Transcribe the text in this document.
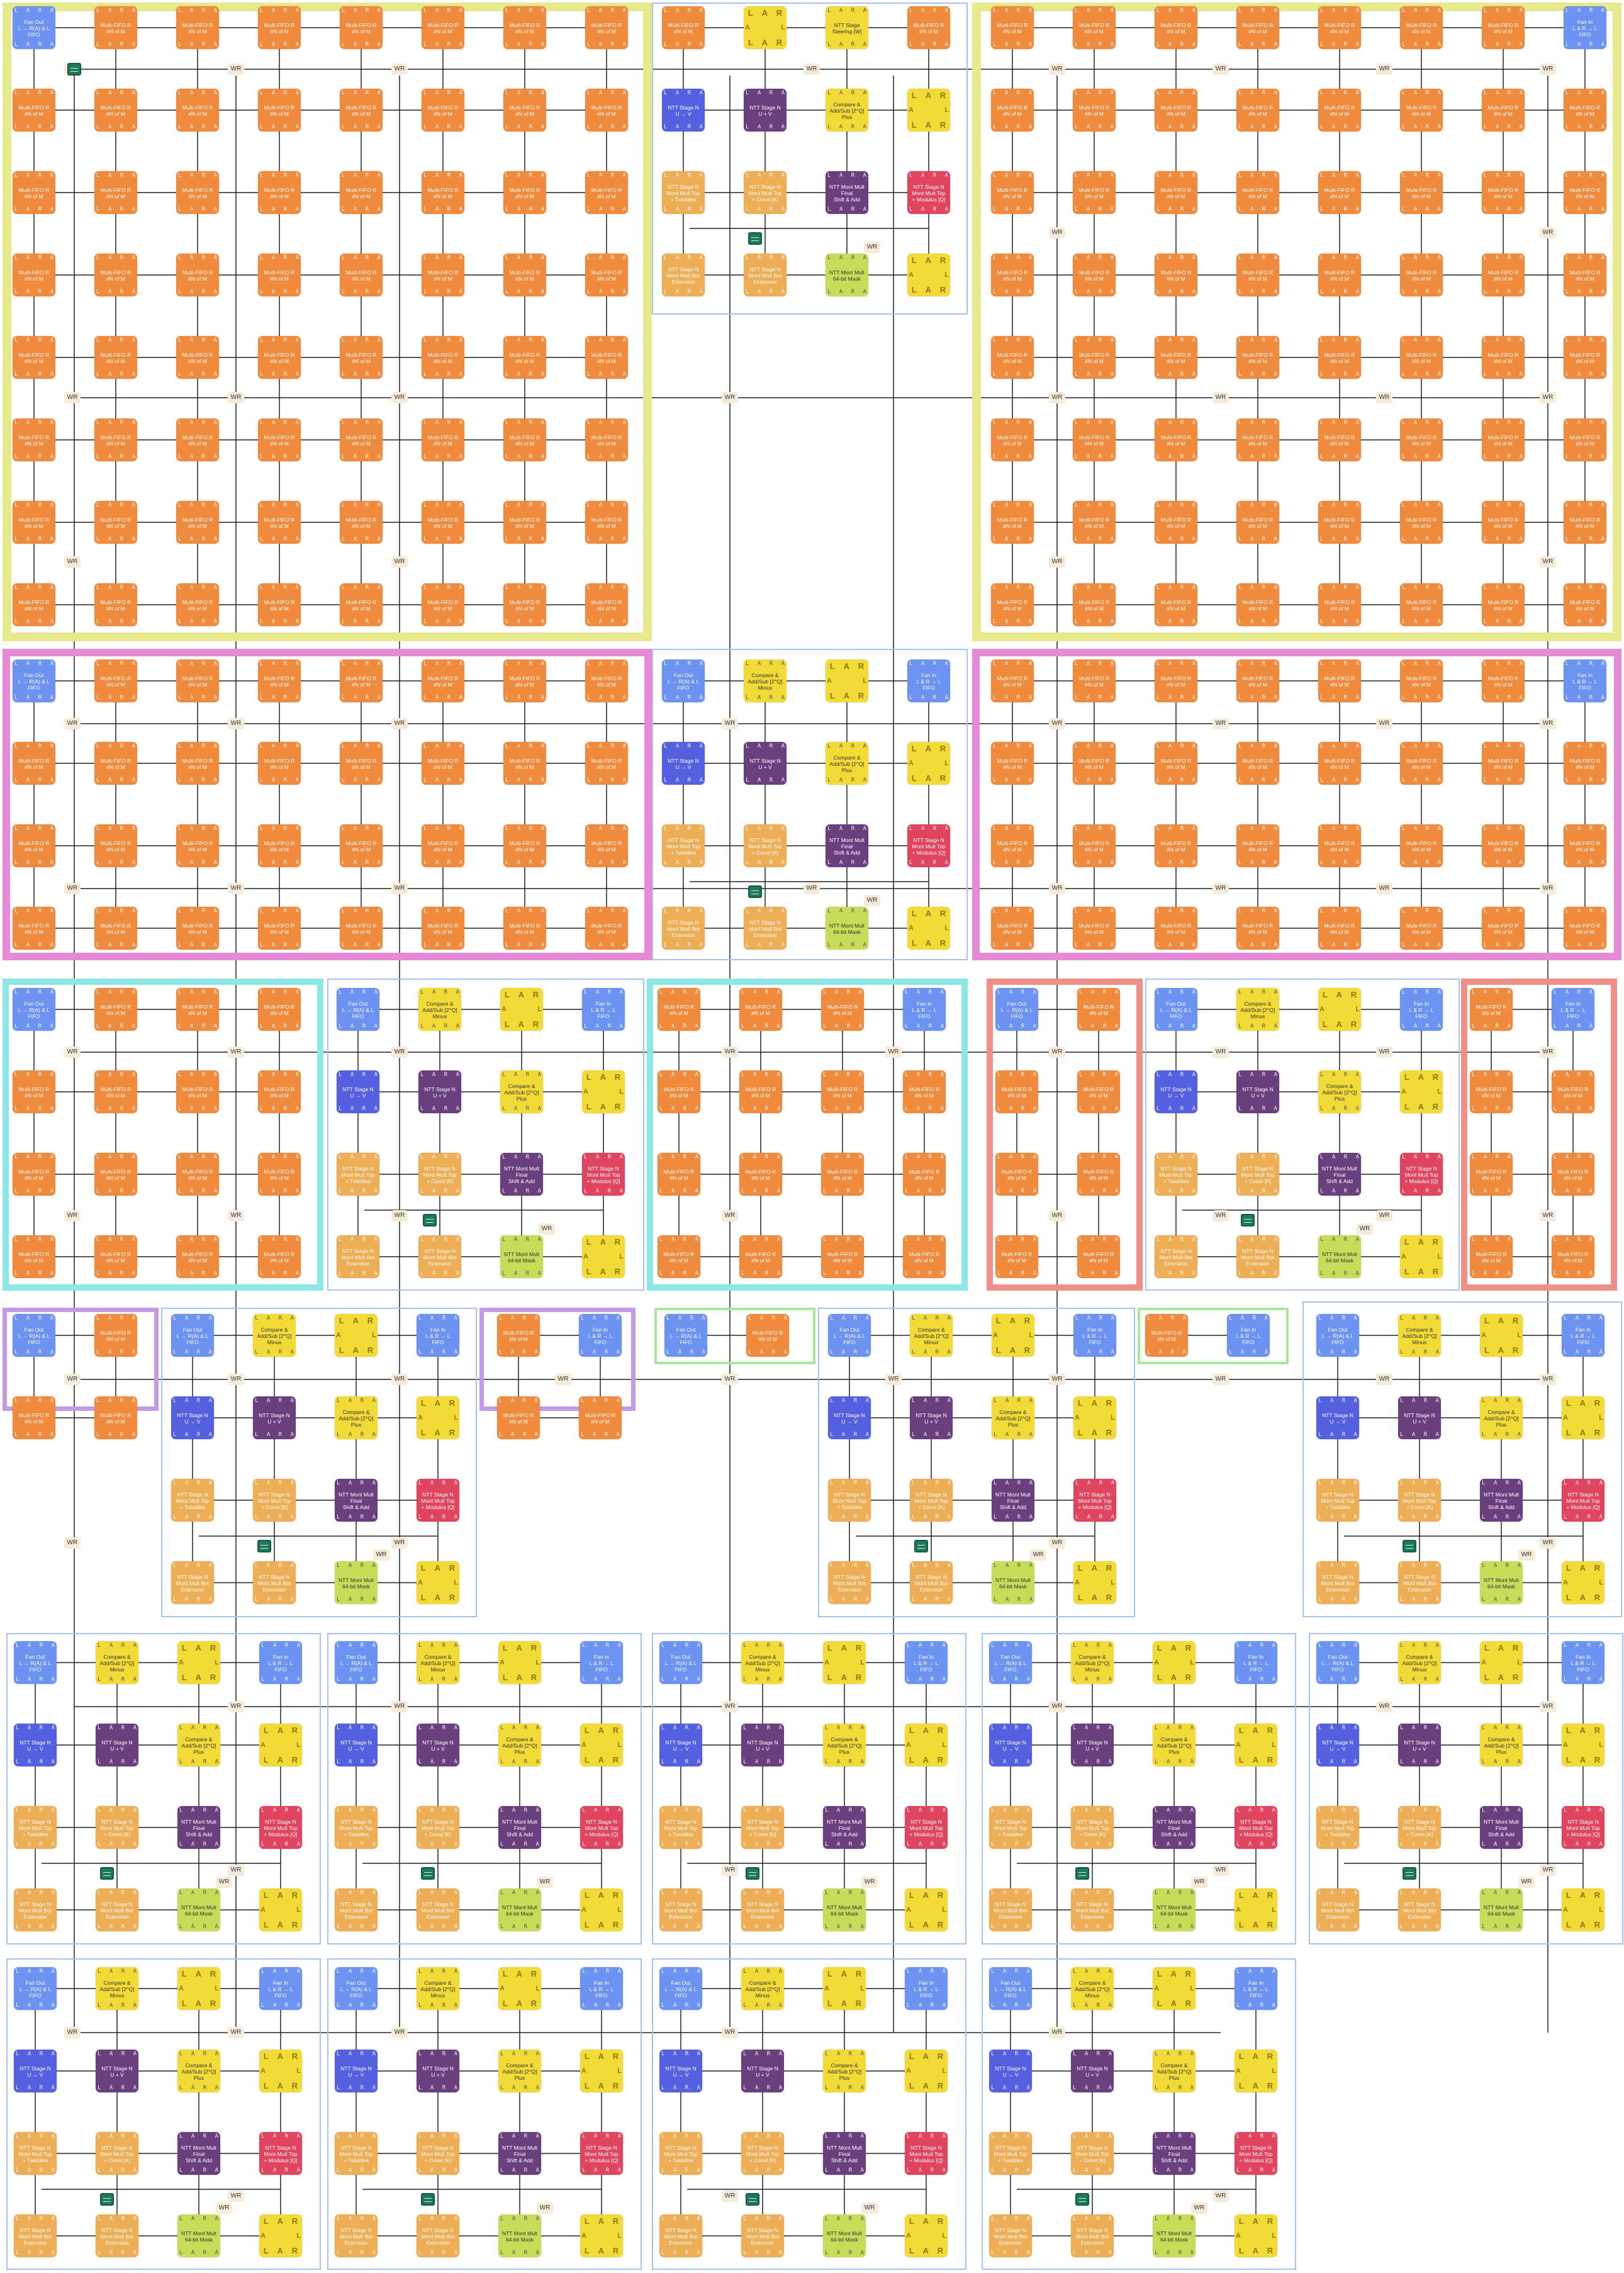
L A R A
L A R A
Fan Out
L → R(A) & L
FIFO
L A R A
L A R A
Multi-FIFO R
#N of M
L A R A
L A R A
Multi-FIFO R
#N of M
L A R A
L A R A
Multi-FIFO R
#N of M
L A R A
L A R A
Multi-FIFO R
#N of M
L A R A
L A R A
Multi-FIFO R
#N of M
L A R A
L A R A
Multi-FIFO R
#N of M
L A R A
L A R A
Multi-FIFO R
#N of M
L A R A
L A R A
Multi-FIFO R
#N of M
L A R A
L A R A
Multi-FIFO R
#N of M
L A R A
L A R A
Multi-FIFO R
#N of M
L A R A
L A R A
Multi-FIFO R
#N of M
L A R A
L A R A
Multi-FIFO R
#N of M
L A R A
L A R A
Multi-FIFO R
#N of M
L A R A
L A R A
Multi-FIFO R
#N of M
L A R A
L A R A
Multi-FIFO R
#N of M
L A R A
L A R A
Multi-FIFO R
#N of M
L A R A
L A R A
Multi-FIFO R
#N of M
L A R A
L A R A
Multi-FIFO R
#N of M
L A R A
L A R A
Multi-FIFO R
#N of M
L A R A
L A R A
Multi-FIFO R
#N of M
L A R A
L A R A
Multi-FIFO R
#N of M
L A R A
L A R A
Multi-FIFO R
#N of M
L A R A
L A R A
Multi-FIFO R
#N of M
L A R A
L A R A
Multi-FIFO R
#N of M
L A R A
L A R A
Multi-FIFO R
#N of M
L A R A
L A R A
Multi-FIFO R
#N of M
L A R A
L A R A
Multi-FIFO R
#N of M
L A R A
L A R A
Multi-FIFO R
#N of M
L A R A
L A R A
Multi-FIFO R
#N of M
L A R A
L A R A
Multi-FIFO R
#N of M
L A R A
L A R A
Multi-FIFO R
#N of M
L A R A
L A R A
Multi-FIFO R
#N of M
L A R A
L A R A
Multi-FIFO R
#N of M
L A R A
L A R A
Multi-FIFO R
#N of M
L A R A
L A R A
Multi-FIFO R
#N of M
L A R A
L A R A
Multi-FIFO R
#N of M
L A R A
L A R A
Multi-FIFO R
#N of M
L A R A
L A R A
Multi-FIFO R
#N of M
L A R A
L A R A
Multi-FIFO R
#N of M
L A R A
L A R A
Multi-FIFO R
#N of M
L A R A
L A R A
Multi-FIFO R
#N of M
L A R A
L A R A
Multi-FIFO R
#N of M
L A R A
L A R A
Multi-FIFO R
#N of M
L A R A
L A R A
Multi-FIFO R
#N of M
L A R A
L A R A
Multi-FIFO R
#N of M
L A R A
L A R A
Multi-FIFO R
#N of M
L A R A
L A R A
Multi-FIFO R
#N of M
L A R A
L A R A
Multi-FIFO R
#N of M
L A R A
L A R A
Multi-FIFO R
#N of M
L A R A
L A R A
Multi-FIFO R
#N of M
L A R A
L A R A
Multi-FIFO R
#N of M
L A R A
L A R A
Multi-FIFO R
#N of M
L A R A
L A R A
Multi-FIFO R
#N of M
L A R A
L A R A
Multi-FIFO R
#N of M
L A R A
L A R A
Multi-FIFO R
#N of M
L A R A
L A R A
Multi-FIFO R
#N of M
L A R A
L A R A
Multi-FIFO R
#N of M
L A R A
L A R A
Multi-FIFO R
#N of M
L A R A
L A R A
Multi-FIFO R
#N of M
L A R A
L A R A
Multi-FIFO R
#N of M
L A R A
L A R A
Multi-FIFO R
#N of M
L A R A
L A R A
Multi-FIFO R
#N of M
L A R A
L A R A
Multi-FIFO R
#N of M
L A R A
L A R A
Multi-FIFO R
#N of M
L A R A
L A R A
Multi-FIFO R
#N of M
L A R A
L A R A
Multi-FIFO R
#N of M
L A R A
L A R A
Multi-FIFO R
#N of M
L A R A
L A R A
Multi-FIFO R
#N of M
L A R A
L A R A
Multi-FIFO R
#N of M
L A R A
L A R A
Multi-FIFO R
#N of M
L A R A
L A R A
Fan In
L & R → L
FIFO
L A R A
L A R A
Multi-FIFO R
#N of M
L A R A
L A R A
Multi-FIFO R
#N of M
L A R A
L A R A
Multi-FIFO R
#N of M
L A R A
L A R A
Multi-FIFO R
#N of M
L A R A
L A R A
Multi-FIFO R
#N of M
L A R A
L A R A
Multi-FIFO R
#N of M
L A R A
L A R A
Multi-FIFO R
#N of M
L A R A
L A R A
Multi-FIFO R
#N of M
L A R A
L A R A
Multi-FIFO R
#N of M
L A R A
L A R A
Multi-FIFO R
#N of M
L A R A
L A R A
Multi-FIFO R
#N of M
L A R A
L A R A
Multi-FIFO R
#N of M
L A R A
L A R A
Multi-FIFO R
#N of M
L A R A
L A R A
Multi-FIFO R
#N of M
L A R A
L A R A
Multi-FIFO R
#N of M
L A R A
L A R A
Multi-FIFO R
#N of M
L A R A
L A R A
Multi-FIFO R
#N of M
L A R A
L A R A
Multi-FIFO R
#N of M
L A R A
L A R A
Multi-FIFO R
#N of M
L A R A
L A R A
Multi-FIFO R
#N of M
L A R A
L A R A
Multi-FIFO R
#N of M
L A R A
L A R A
Multi-FIFO R
#N of M
L A R A
L A R A
Multi-FIFO R
#N of M
L A R A
L A R A
Multi-FIFO R
#N of M
L A R A
L A R A
Multi-FIFO R
#N of M
L A R A
L A R A
Multi-FIFO R
#N of M
L A R A
L A R A
Multi-FIFO R
#N of M
L A R A
L A R A
Multi-FIFO R
#N of M
L A R A
L A R A
Multi-FIFO R
#N of M
L A R A
L A R A
Multi-FIFO R
#N of M
L A R A
L A R A
Multi-FIFO R
#N of M
L A R A
L A R A
Multi-FIFO R
#N of M
L A R A
L A R A
Multi-FIFO R
#N of M
L A R A
L A R A
Multi-FIFO R
#N of M
L A R A
L A R A
Multi-FIFO R
#N of M
L A R A
L A R A
Multi-FIFO R
#N of M
L A R A
L A R A
Multi-FIFO R
#N of M
L A R A
L A R A
Multi-FIFO R
#N of M
L A R A
L A R A
Multi-FIFO R
#N of M
L A R A
L A R A
Multi-FIFO R
#N of M
L A R A
L A R A
Multi-FIFO R
#N of M
L A R A
L A R A
Multi-FIFO R
#N of M
L A R A
L A R A
Multi-FIFO R
#N of M
L A R A
L A R A
Multi-FIFO R
#N of M
L A R A
L A R A
Multi-FIFO R
#N of M
L A R A
L A R A
Multi-FIFO R
#N of M
L A R A
L A R A
Multi-FIFO R
#N of M
L A R A
L A R A
Multi-FIFO R
#N of M
L A R A
L A R A
Multi-FIFO R
#N of M
L A R A
L A R A
Multi-FIFO R
#N of M
L A R A
L A R A
Multi-FIFO R
#N of M
L A R A
L A R A
Multi-FIFO R
#N of M
L A R A
L A R A
Multi-FIFO R
#N of M
L A R A
L A R A
Multi-FIFO R
#N of M
L A R A
L A R A
Multi-FIFO R
#N of M
L A R A
L A R A
Multi-FIFO R
#N of M
L A R A
L A R A
Multi-FIFO R
#N of M
L A R
L A R
A	L
L A R A
L A R A
NTT Stage
Steering [W]
L A R A
L A R A
Multi-FIFO R
#N of M
L A R A
L A R A
NTT Stage N
U → V
L A R A
L A R A
NTT Stage N
U + V
L A R A
L A R A
Compare &
Add/Sub [2^Q]
Plus
L A R
L A R
A	L
L A R A
L A R A
NTT Stage N
Mont Mult Top
+ Twiddles
L A R A
L A R A
NTT Stage N
Mont Mult Top
+ Const [K]
L A R A
L A R A
NTT Mont Mult
Final
Shift & Add
L A R A
L A R A
NTT Stage N
Mont Mult Top
+ Modulus [Q]
L A R A
L A R A
NTT Stage N
Mont Mult Bot
Extension
L A R A
L A R A
NTT Stage N
Mont Mult Bot
Extension
L A R A
L A R A
NTT Mont Mult
64-bit Mask
L A R
L A R
A	L
WR
WR	WR	WR	WR	WR	WR	WR
WR	WR	WR	WR	WR	WR	WR	WR
WR	WR	WR	WR
WR	WR
L A R A
L A R A
Fan Out
L → R(A) & L
FIFO
L A R A
L A R A
Multi-FIFO R
#N of M
L A R A
L A R A
Multi-FIFO R
#N of M
L A R A
L A R A
Multi-FIFO R
#N of M
L A R A
L A R A
Multi-FIFO R
#N of M
L A R A
L A R A
Multi-FIFO R
#N of M
L A R A
L A R A
Multi-FIFO R
#N of M
L A R A
L A R A
Multi-FIFO R
#N of M
L A R A
L A R A
Multi-FIFO R
#N of M
L A R A
L A R A
Multi-FIFO R
#N of M
L A R A
L A R A
Multi-FIFO R
#N of M
L A R A
L A R A
Multi-FIFO R
#N of M
L A R A
L A R A
Multi-FIFO R
#N of M
L A R A
L A R A
Multi-FIFO R
#N of M
L A R A
L A R A
Multi-FIFO R
#N of M
L A R A
L A R A
Multi-FIFO R
#N of M
L A R A
L A R A
Multi-FIFO R
#N of M
L A R A
L A R A
Multi-FIFO R
#N of M
L A R A
L A R A
Multi-FIFO R
#N of M
L A R A
L A R A
Multi-FIFO R
#N of M
L A R A
L A R A
Multi-FIFO R
#N of M
L A R A
L A R A
Multi-FIFO R
#N of M
L A R A
L A R A
Multi-FIFO R
#N of M
L A R A
L A R A
Multi-FIFO R
#N of M
L A R A
L A R A
Multi-FIFO R
#N of M
L A R A
L A R A
Multi-FIFO R
#N of M
L A R A
L A R A
Multi-FIFO R
#N of M
L A R A
L A R A
Multi-FIFO R
#N of M
L A R A
L A R A
Multi-FIFO R
#N of M
L A R A
L A R A
Multi-FIFO R
#N of M
L A R A
L A R A
Multi-FIFO R
#N of M
L A R A
L A R A
Multi-FIFO R
#N of M
L A R A
L A R A
Multi-FIFO R
#N of M
L A R A
L A R A
Multi-FIFO R
#N of M
L A R A
L A R A
Multi-FIFO R
#N of M
L A R A
L A R A
Multi-FIFO R
#N of M
L A R A
L A R A
Multi-FIFO R
#N of M
L A R A
L A R A
Multi-FIFO R
#N of M
L A R A
L A R A
Multi-FIFO R
#N of M
L A R A
L A R A
Fan In
L & R → L
FIFO
L A R A
L A R A
Multi-FIFO R
#N of M
L A R A
L A R A
Multi-FIFO R
#N of M
L A R A
L A R A
Multi-FIFO R
#N of M
L A R A
L A R A
Multi-FIFO R
#N of M
L A R A
L A R A
Multi-FIFO R
#N of M
L A R A
L A R A
Multi-FIFO R
#N of M
L A R A
L A R A
Multi-FIFO R
#N of M
L A R A
L A R A
Multi-FIFO R
#N of M
L A R A
L A R A
Multi-FIFO R
#N of M
L A R A
L A R A
Multi-FIFO R
#N of M
L A R A
L A R A
Multi-FIFO R
#N of M
L A R A
L A R A
Multi-FIFO R
#N of M
L A R A
L A R A
Multi-FIFO R
#N of M
L A R A
L A R A
Multi-FIFO R
#N of M
L A R A
L A R A
Multi-FIFO R
#N of M
L A R A
L A R A
Multi-FIFO R
#N of M
L A R A
L A R A
Multi-FIFO R
#N of M
L A R A
L A R A
Multi-FIFO R
#N of M
L A R A
L A R A
Multi-FIFO R
#N of M
L A R A
L A R A
Multi-FIFO R
#N of M
L A R A
L A R A
Multi-FIFO R
#N of M
L A R A
L A R A
Multi-FIFO R
#N of M
L A R A
L A R A
Multi-FIFO R
#N of M
L A R A
L A R A
Multi-FIFO R
#N of M
L A R A
L A R A
Fan Out
L → R(A) & L
FIFO
L A R A
L A R A
Compare &
Add/Sub [2^Q]
Minus
L A R
L A R
A	L
L A R A
L A R A
Fan In
L & R → L
FIFO
L A R A
L A R A
NTT Stage N
U → V
L A R A
L A R A
NTT Stage N
U + V
L A R A
L A R A
Compare &
Add/Sub [2^Q]
Plus
L A R
L A R
A	L
L A R A
L A R A
NTT Stage N
Mont Mult Top
+ Twiddles
L A R A
L A R A
NTT Stage N
Mont Mult Top
+ Const [K]
L A R A
L A R A
NTT Mont Mult
Final
Shift & Add
L A R A
L A R A
NTT Stage N
Mont Mult Top
+ Modulus [Q]
L A R A
L A R A
NTT Stage N
Mont Mult Bot
Extension
L A R A
L A R A
NTT Stage N
Mont Mult Bot
Extension
L A R A
L A R A
NTT Mont Mult
64-bit Mask
L A R
L A R
A	L
WR
WR	WR	WR	WR	WR	WR	WR	WR
WR	WR	WR	WR	WR	WR	WR	WR
L A R A
L A R A
Fan Out
L → R(A) & L
FIFO
L A R A
L A R A
Multi-FIFO R
#N of M
L A R A
L A R A
Multi-FIFO R
#N of M
L A R A
L A R A
Multi-FIFO R
#N of M
L A R A
L A R A
Multi-FIFO R
#N of M
L A R A
L A R A
Multi-FIFO R
#N of M
L A R A
L A R A
Multi-FIFO R
#N of M
L A R A
L A R A
Multi-FIFO R
#N of M
L A R A
L A R A
Multi-FIFO R
#N of M
L A R A
L A R A
Multi-FIFO R
#N of M
L A R A
L A R A
Multi-FIFO R
#N of M
L A R A
L A R A
Multi-FIFO R
#N of M
L A R A
L A R A
Multi-FIFO R
#N of M
L A R A
L A R A
Multi-FIFO R
#N of M
L A R A
L A R A
Multi-FIFO R
#N of M
L A R A
L A R A
Multi-FIFO R
#N of M
L A R A
L A R A
Fan Out
L → R(A) & L
FIFO
L A R A
L A R A
Compare &
Add/Sub [2^Q]
Minus
L A R
L A R
A	L
L A R A
L A R A
Fan In
L & R → L
FIFO
L A R A
L A R A
NTT Stage N
U → V
L A R A
L A R A
NTT Stage N
U + V
L A R A
L A R A
Compare &
Add/Sub [2^Q]
Plus
L A R
L A R
A	L
L A R A
L A R A
NTT Stage N
Mont Mult Top
+ Twiddles
L A R A
L A R A
NTT Stage N
Mont Mult Top
+ Const [K]
L A R A
L A R A
NTT Mont Mult
Final
Shift & Add
L A R A
L A R A
NTT Stage N
Mont Mult Top
+ Modulus [Q]
L A R A
L A R A
NTT Stage N
Mont Mult Bot
Extension
L A R A
L A R A
NTT Stage N
Mont Mult Bot
Extension
L A R A
L A R A
NTT Mont Mult
64-bit Mask
L A R
L A R
A	L
WR
L A R A
L A R A
Multi-FIFO R
#N of M
L A R A
L A R A
Multi-FIFO R
#N of M
L A R A
L A R A
Multi-FIFO R
#N of M
L A R A
L A R A
Fan In
L & R → L
FIFO
L A R A
L A R A
Multi-FIFO R
#N of M
L A R A
L A R A
Multi-FIFO R
#N of M
L A R A
L A R A
Multi-FIFO R
#N of M
L A R A
L A R A
Multi-FIFO R
#N of M
L A R A
L A R A
Multi-FIFO R
#N of M
L A R A
L A R A
Multi-FIFO R
#N of M
L A R A
L A R A
Multi-FIFO R
#N of M
L A R A
L A R A
Multi-FIFO R
#N of M
L A R A
L A R A
Multi-FIFO R
#N of M
L A R A
L A R A
Multi-FIFO R
#N of M
L A R A
L A R A
Multi-FIFO R
#N of M
L A R A
L A R A
Multi-FIFO R
#N of M
L A R A
L A R A
Fan Out
L → R(A) & L
FIFO
L A R A
L A R A
Multi-FIFO R
#N of M
L A R A
L A R A
Multi-FIFO R
#N of M
L A R A
L A R A
Multi-FIFO R
#N of M
L A R A
L A R A
Multi-FIFO R
#N of M
L A R A
L A R A
Multi-FIFO R
#N of M
L A R A
L A R A
Multi-FIFO R
#N of M
L A R A
L A R A
Multi-FIFO R
#N of M
L A R A
L A R A
Fan Out
L → R(A) & L
FIFO
L A R A
L A R A
Compare &
Add/Sub [2^Q]
Minus
L A R
L A R
A	L
L A R A
L A R A
Fan In
L & R → L
FIFO
L A R A
L A R A
NTT Stage N
U → V
L A R A
L A R A
NTT Stage N
U + V
L A R A
L A R A
Compare &
Add/Sub [2^Q]
Plus
L A R
L A R
A	L
L A R A
L A R A
NTT Stage N
Mont Mult Top
+ Twiddles
L A R A
L A R A
NTT Stage N
Mont Mult Top
+ Const [K]
L A R A
L A R A
NTT Mont Mult
Final
Shift & Add
L A R A
L A R A
NTT Stage N
Mont Mult Top
+ Modulus [Q]
L A R A
L A R A
NTT Stage N
Mont Mult Bot
Extension
L A R A
L A R A
NTT Stage N
Mont Mult Bot
Extension
L A R A
L A R A
NTT Mont Mult
64-bit Mask
L A R
L A R
A	L
WR
L A R A
L A R A
Multi-FIFO R
#N of M
L A R A
L A R A
Fan In
L & R → L
FIFO
L A R A
L A R A
Multi-FIFO R
#N of M
L A R A
L A R A
Multi-FIFO R
#N of M
L A R A
L A R A
Multi-FIFO R
#N of M
L A R A
L A R A
Multi-FIFO R
#N of M
L A R A
L A R A
Multi-FIFO R
#N of M
L A R A
L A R A
Multi-FIFO R
#N of M
WR	WR	WR	WR	WR	WR	WR	WR	WR
WR	WR	WR	WR	WR	WR	WR	WR
L A R A
L A R A
Fan Out
L → R(A) & L
FIFO
L A R A
L A R A
Multi-FIFO R
#N of M
L A R A
L A R A
Multi-FIFO R
#N of M
L A R A
L A R A
Multi-FIFO R
#N of M
L A R A
L A R A
Fan Out
L → R(A) & L
FIFO
L A R A
L A R A
Compare &
Add/Sub [2^Q]
Minus
L A R
L A R
A	L
L A R A
L A R A
Fan In
L & R → L
FIFO
L A R A
L A R A
NTT Stage N
U → V
L A R A
L A R A
NTT Stage N
U + V
L A R A
L A R A
Compare &
Add/Sub [2^Q]
Plus
L A R
L A R
A	L
L A R A
L A R A
NTT Stage N
Mont Mult Top
+ Twiddles
L A R A
L A R A
NTT Stage N
Mont Mult Top
+ Const [K]
L A R A
L A R A
NTT Mont Mult
Final
Shift & Add
L A R A
L A R A
NTT Stage N
Mont Mult Top
+ Modulus [Q]
L A R A
L A R A
NTT Stage N
Mont Mult Bot
Extension
L A R A
L A R A
NTT Stage N
Mont Mult Bot
Extension
L A R A
L A R A
NTT Mont Mult
64-bit Mask
L A R
L A R
A	L
WR
L A R A
L A R A
Multi-FIFO R
#N of M
L A R A
L A R A
Fan In
L & R → L
FIFO
L A R A
L A R A
Multi-FIFO R
#N of M
L A R A
L A R A
Multi-FIFO R
#N of M
L A R A
L A R A
Fan Out
L → R(A) & L
FIFO
L A R A
L A R A
Multi-FIFO R
#N of M
L A R A
L A R A
Fan Out
L → R(A) & L
FIFO
L A R A
L A R A
Compare &
Add/Sub [2^Q]
Minus
L A R
L A R
A	L
L A R A
L A R A
Fan In
L & R → L
FIFO
L A R A
L A R A
NTT Stage N
U → V
L A R A
L A R A
NTT Stage N
U + V
L A R A
L A R A
Compare &
Add/Sub [2^Q]
Plus
L A R
L A R
A	L
L A R A
L A R A
NTT Stage N
Mont Mult Top
+ Twiddles
L A R A
L A R A
NTT Stage N
Mont Mult Top
+ Const [K]
L A R A
L A R A
NTT Mont Mult
Final
Shift & Add
L A R A
L A R A
NTT Stage N
Mont Mult Top
+ Modulus [Q]
L A R A
L A R A
NTT Stage N
Mont Mult Bot
Extension
L A R A
L A R A
NTT Stage N
Mont Mult Bot
Extension
L A R A
L A R A
NTT Mont Mult
64-bit Mask
L A R
L A R
A	L
WR
L A R A
L A R A
Multi-FIFO R
#N of M
L A R A
L A R A
Fan In
L & R → L
FIFO
L A R A
L A R A
Fan Out
L → R(A) & L
FIFO
L A R A
L A R A
Compare &
Add/Sub [2^Q]
Minus
L A R
L A R
A	L
L A R A
L A R A
Fan In
L & R → L
FIFO
L A R A
L A R A
NTT Stage N
U → V
L A R A
L A R A
NTT Stage N
U + V
L A R A
L A R A
Compare &
Add/Sub [2^Q]
Plus
L A R
L A R
A	L
L A R A
L A R A
NTT Stage N
Mont Mult Top
+ Twiddles
L A R A
L A R A
NTT Stage N
Mont Mult Top
+ Const [K]
L A R A
L A R A
NTT Mont Mult
Final
Shift & Add
L A R A
L A R A
NTT Stage N
Mont Mult Top
+ Modulus [Q]
L A R A
L A R A
NTT Stage N
Mont Mult Bot
Extension
L A R A
L A R A
NTT Stage N
Mont Mult Bot
Extension
L A R A
L A R A
NTT Mont Mult
64-bit Mask
L A R
L A R
A	L
WR
WR	WR	WR	WR	WR	WR	WR	WR	WR	WR
WR	WR	WR	WR
L A R A
L A R A
Fan Out
L → R(A) & L
FIFO
L A R A
L A R A
Compare &
Add/Sub [2^Q]
Minus
L A R
L A R
A	L
L A R A
L A R A
Fan In
L & R → L
FIFO
L A R A
L A R A
NTT Stage N
U → V
L A R A
L A R A
NTT Stage N
U + V
L A R A
L A R A
Compare &
Add/Sub [2^Q]
Plus
L A R
L A R
A	L
L A R A
L A R A
NTT Stage N
Mont Mult Top
+ Twiddles
L A R A
L A R A
NTT Stage N
Mont Mult Top
+ Const [K]
L A R A
L A R A
NTT Mont Mult
Final
Shift & Add
L A R A
L A R A
NTT Stage N
Mont Mult Top
+ Modulus [Q]
L A R A
L A R A
NTT Stage N
Mont Mult Bot
Extension
L A R A
L A R A
NTT Stage N
Mont Mult Bot
Extension
L A R A
L A R A
NTT Mont Mult
64-bit Mask
L A R
L A R
A	L
WR
L A R A
L A R A
Fan Out
L → R(A) & L
FIFO
L A R A
L A R A
Compare &
Add/Sub [2^Q]
Minus
L A R
L A R
A	L
L A R A
L A R A
Fan In
L & R → L
FIFO
L A R A
L A R A
NTT Stage N
U → V
L A R A
L A R A
NTT Stage N
U + V
L A R A
L A R A
Compare &
Add/Sub [2^Q]
Plus
L A R
L A R
A	L
L A R A
L A R A
NTT Stage N
Mont Mult Top
+ Twiddles
L A R A
L A R A
NTT Stage N
Mont Mult Top
+ Const [K]
L A R A
L A R A
NTT Mont Mult
Final
Shift & Add
L A R A
L A R A
NTT Stage N
Mont Mult Top
+ Modulus [Q]
L A R A
L A R A
NTT Stage N
Mont Mult Bot
Extension
L A R A
L A R A
NTT Stage N
Mont Mult Bot
Extension
L A R A
L A R A
NTT Mont Mult
64-bit Mask
L A R
L A R
A	L
WR
L A R A
L A R A
Fan Out
L → R(A) & L
FIFO
L A R A
L A R A
Compare &
Add/Sub [2^Q]
Minus
L A R
L A R
A	L
L A R A
L A R A
Fan In
L & R → L
FIFO
L A R A
L A R A
NTT Stage N
U → V
L A R A
L A R A
NTT Stage N
U + V
L A R A
L A R A
Compare &
Add/Sub [2^Q]
Plus
L A R
L A R
A	L
L A R A
L A R A
NTT Stage N
Mont Mult Top
+ Twiddles
L A R A
L A R A
NTT Stage N
Mont Mult Top
+ Const [K]
L A R A
L A R A
NTT Mont Mult
Final
Shift & Add
L A R A
L A R A
NTT Stage N
Mont Mult Top
+ Modulus [Q]
L A R A
L A R A
NTT Stage N
Mont Mult Bot
Extension
L A R A
L A R A
NTT Stage N
Mont Mult Bot
Extension
L A R A
L A R A
NTT Mont Mult
64-bit Mask
L A R
L A R
A	L
WR
L A R A
L A R A
Fan Out
L → R(A) & L
FIFO
L A R A
L A R A
Compare &
Add/Sub [2^Q]
Minus
L A R
L A R
A	L
L A R A
L A R A
Fan In
L & R → L
FIFO
L A R A
L A R A
NTT Stage N
U → V
L A R A
L A R A
NTT Stage N
U + V
L A R A
L A R A
Compare &
Add/Sub [2^Q]
Plus
L A R
L A R
A	L
L A R A
L A R A
NTT Stage N
Mont Mult Top
+ Twiddles
L A R A
L A R A
NTT Stage N
Mont Mult Top
+ Const [K]
L A R A
L A R A
NTT Mont Mult
Final
Shift & Add
L A R A
L A R A
NTT Stage N
Mont Mult Top
+ Modulus [Q]
L A R A
L A R A
NTT Stage N
Mont Mult Bot
Extension
L A R A
L A R A
NTT Stage N
Mont Mult Bot
Extension
L A R A
L A R A
NTT Mont Mult
64-bit Mask
L A R
L A R
A	L
WR
L A R A
L A R A
Fan Out
L → R(A) & L
FIFO
L A R A
L A R A
Compare &
Add/Sub [2^Q]
Minus
L A R
L A R
A	L
L A R A
L A R A
Fan In
L & R → L
FIFO
L A R A
L A R A
NTT Stage N
U → V
L A R A
L A R A
NTT Stage N
U + V
L A R A
L A R A
Compare &
Add/Sub [2^Q]
Plus
L A R
L A R
A	L
L A R A
L A R A
NTT Stage N
Mont Mult Top
+ Twiddles
L A R A
L A R A
NTT Stage N
Mont Mult Top
+ Const [K]
L A R A
L A R A
NTT Mont Mult
Final
Shift & Add
L A R A
L A R A
NTT Stage N
Mont Mult Top
+ Modulus [Q]
L A R A
L A R A
NTT Stage N
Mont Mult Bot
Extension
L A R A
L A R A
NTT Stage N
Mont Mult Bot
Extension
L A R A
L A R A
NTT Mont Mult
64-bit Mask
L A R
L A R
A	L
WR
WR	WR	WR	WR	WR	WR
WR	WR	WR	WR
L A R A
L A R A
Fan Out
L → R(A) & L
FIFO
L A R A
L A R A
Compare &
Add/Sub [2^Q]
Minus
L A R
L A R
A	L
L A R A
L A R A
Fan In
L & R → L
FIFO
L A R A
L A R A
NTT Stage N
U → V
L A R A
L A R A
NTT Stage N
U + V
L A R A
L A R A
Compare &
Add/Sub [2^Q]
Plus
L A R
L A R
A	L
L A R A
L A R A
NTT Stage N
Mont Mult Top
+ Twiddles
L A R A
L A R A
NTT Stage N
Mont Mult Top
+ Const [K]
L A R A
L A R A
NTT Mont Mult
Final
Shift & Add
L A R A
L A R A
NTT Stage N
Mont Mult Top
+ Modulus [Q]
L A R A
L A R A
NTT Stage N
Mont Mult Bot
Extension
L A R A
L A R A
NTT Stage N
Mont Mult Bot
Extension
L A R A
L A R A
NTT Mont Mult
64-bit Mask
L A R
L A R
A	L
WR
L A R A
L A R A
Fan Out
L → R(A) & L
FIFO
L A R A
L A R A
Compare &
Add/Sub [2^Q]
Minus
L A R
L A R
A	L
L A R A
L A R A
Fan In
L & R → L
FIFO
L A R A
L A R A
NTT Stage N
U → V
L A R A
L A R A
NTT Stage N
U + V
L A R A
L A R A
Compare &
Add/Sub [2^Q]
Plus
L A R
L A R
A	L
L A R A
L A R A
NTT Stage N
Mont Mult Top
+ Twiddles
L A R A
L A R A
NTT Stage N
Mont Mult Top
+ Const [K]
L A R A
L A R A
NTT Mont Mult
Final
Shift & Add
L A R A
L A R A
NTT Stage N
Mont Mult Top
+ Modulus [Q]
L A R A
L A R A
NTT Stage N
Mont Mult Bot
Extension
L A R A
L A R A
NTT Stage N
Mont Mult Bot
Extension
L A R A
L A R A
NTT Mont Mult
64-bit Mask
L A R
L A R
A	L
WR
L A R A
L A R A
Fan Out
L → R(A) & L
FIFO
L A R A
L A R A
Compare &
Add/Sub [2^Q]
Minus
L A R
L A R
A	L
L A R A
L A R A
Fan In
L & R → L
FIFO
L A R A
L A R A
NTT Stage N
U → V
L A R A
L A R A
NTT Stage N
U + V
L A R A
L A R A
Compare &
Add/Sub [2^Q]
Plus
L A R
L A R
A	L
L A R A
L A R A
NTT Stage N
Mont Mult Top
+ Twiddles
L A R A
L A R A
NTT Stage N
Mont Mult Top
+ Const [K]
L A R A
L A R A
NTT Mont Mult
Final
Shift & Add
L A R A
L A R A
NTT Stage N
Mont Mult Top
+ Modulus [Q]
L A R A
L A R A
NTT Stage N
Mont Mult Bot
Extension
L A R A
L A R A
NTT Stage N
Mont Mult Bot
Extension
L A R A
L A R A
NTT Mont Mult
64-bit Mask
L A R
L A R
A	L
WR
L A R A
L A R A
Fan Out
L → R(A) & L
FIFO
L A R A
L A R A
Compare &
Add/Sub [2^Q]
Minus
L A R
L A R
A	L
L A R A
L A R A
Fan In
L & R → L
FIFO
L A R A
L A R A
NTT Stage N
U → V
L A R A
L A R A
NTT Stage N
U + V
L A R A
L A R A
Compare &
Add/Sub [2^Q]
Plus
L A R
L A R
A	L
L A R A
L A R A
NTT Stage N
Mont Mult Top
+ Twiddles
L A R A
L A R A
NTT Stage N
Mont Mult Top
+ Const [K]
L A R A
L A R A
NTT Mont Mult
Final
Shift & Add
L A R A
L A R A
NTT Stage N
Mont Mult Top
+ Modulus [Q]
L A R A
L A R A
NTT Stage N
Mont Mult Bot
Extension
L A R A
L A R A
NTT Stage N
Mont Mult Bot
Extension
L A R A
L A R A
NTT Mont Mult
64-bit Mask
L A R
L A R
A	L
WR
WR	WR	WR	WR	WR
WR	WR	WR
